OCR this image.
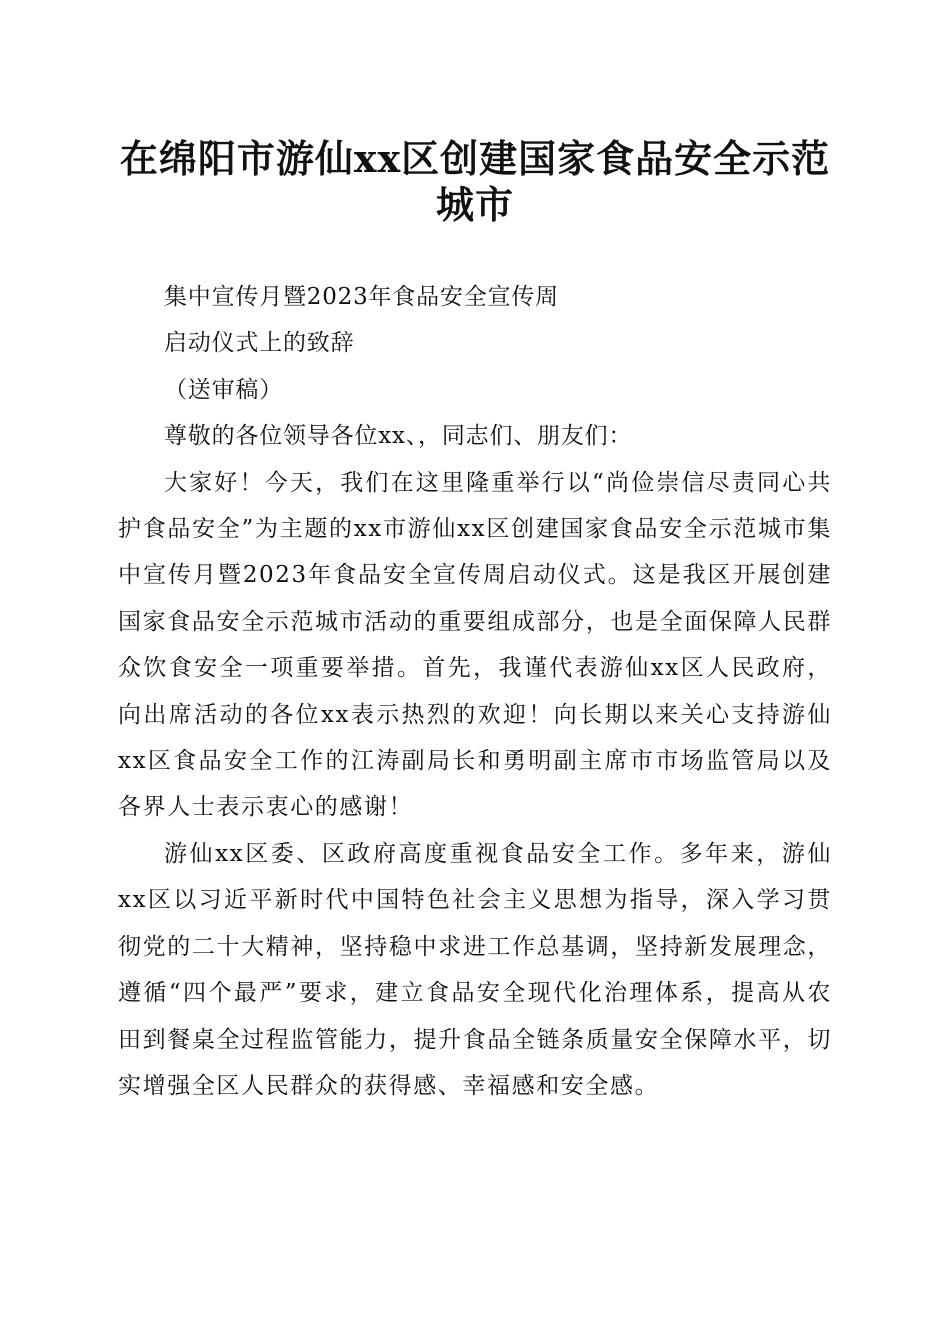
在绵阳市游仙xx区创建国家食品安全示范城市

集中宣传月暨2023年食品安全宣传周

启动仪式上的致辞

（送审稿）

尊敬的各位领导各位xx、，同志们、朋友们：

大家好！今天，我们在这里隆重举行以“尚俭崇信尽责同心共护食品安全”为主题的xx市游仙xx区创建国家食品安全示范城市集中宣传月暨2023年食品安全宣传周启动仪式。这是我区开展创建国家食品安全示范城市活动的重要组成部分，也是全面保障人民群众饮食安全一项重要举措。首先，我谨代表游仙xx区人民政府，向出席活动的各位xx表示热烈的欢迎！向长期以来关心支持游仙xx区食品安全工作的江涛副局长和勇明副主席市市场监管局以及各界人士表示衷心的感谢！

游仙xx区委、区政府高度重视食品安全工作。多年来，游仙xx区以习近平新时代中国特色社会主义思想为指导，深入学习贯彻党的二十大精神，坚持稳中求进工作总基调，坚持新发展理念，遵循“四个最严”要求，建立食品安全现代化治理体系，提高从农田到餐桌全过程监管能力，提升食品全链条质量安全保障水平，切实增强全区人民群众的获得感、幸福感和安全感。
